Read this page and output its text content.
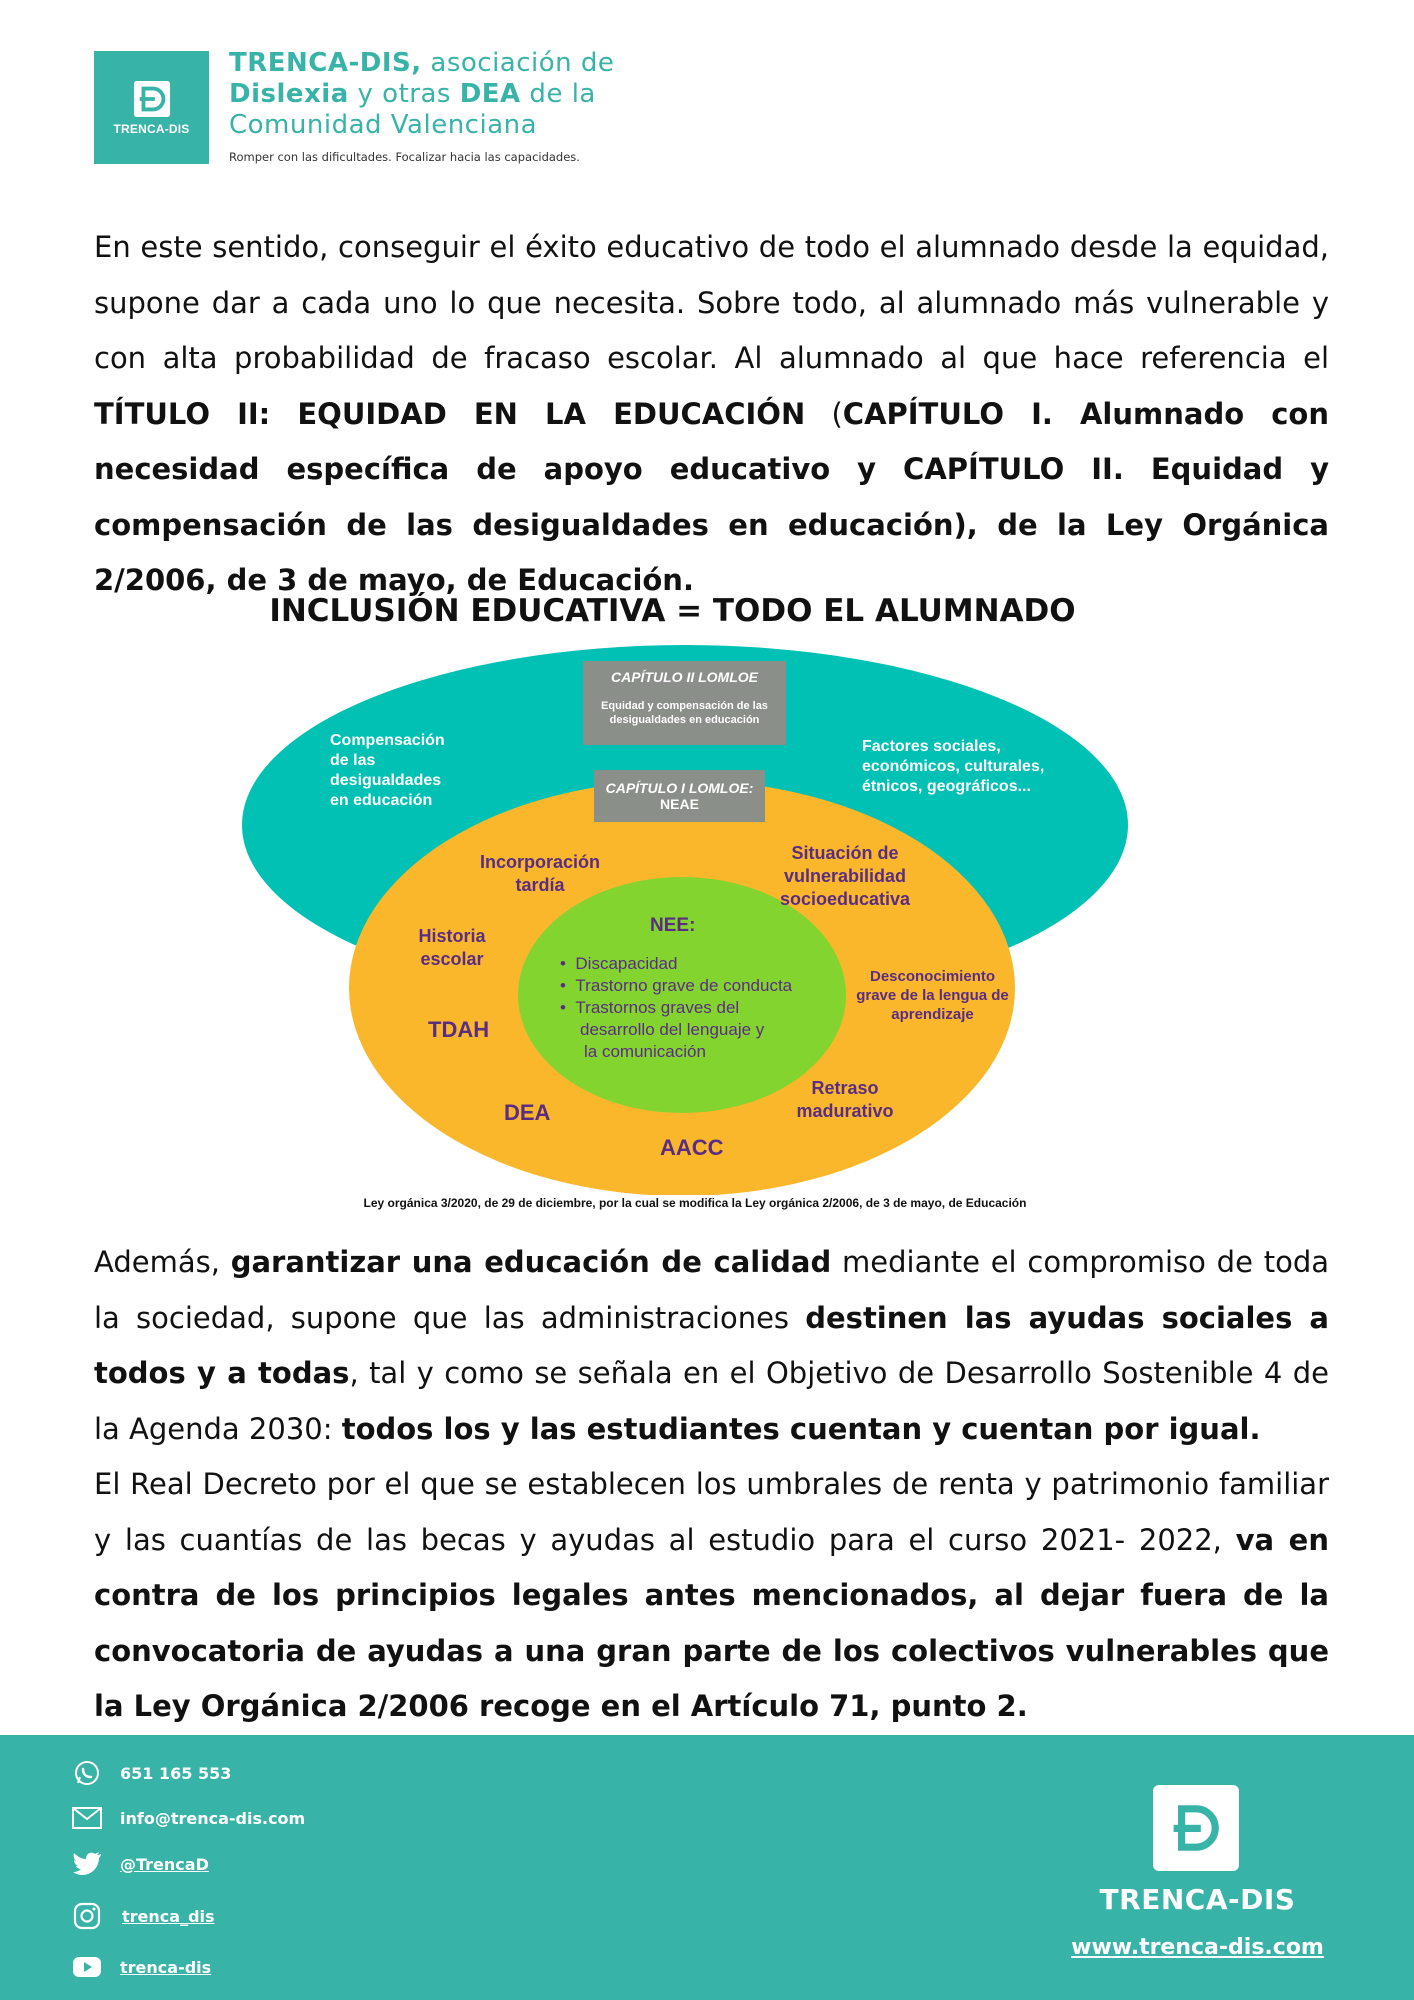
TRENCA-DIS
TRENCA-DIS, asociación de
Dislexia y otras DEA de la
Comunidad Valenciana
Romper con las dificultades. Focalizar hacia las capacidades.
En este sentido, conseguir el éxito educativo de todo el alumnado desde la equidad, supone dar a cada uno lo que necesita. Sobre todo, al alumnado más vulnerable y con alta probabilidad de fracaso escolar. Al alumnado al que hace referencia el TÍTULO II: EQUIDAD EN LA EDUCACIÓN (CAPÍTULO I. Alumnado con necesidad específica de apoyo educativo y CAPÍTULO II. Equidad y compensación de las desigualdades en educación), de la Ley Orgánica 2/2006, de 3 de mayo, de Educación.
INCLUSIÓN EDUCATIVA = TODO EL ALUMNADO
CAPÍTULO II LOMLOE
Equidad y compensación de las desigualdades en educación
CAPÍTULO I LOMLOE:
NEAE
Compensación de las desigualdades en educación
Factores sociales, económicos, culturales, étnicos, geográficos...
Incorporación tardía
Situación de vulnerabilidad socioeducativa
Historia escolar
Desconocimiento grave de la lengua de aprendizaje
TDAH
DEA
AACC
Retraso madurativo
NEE:
•  Discapacidad
•  Trastorno grave de conducta
•  Trastornos graves del
desarrollo del lenguaje y
la comunicación
Ley orgánica 3/2020, de 29 de diciembre, por la cual se modifica la Ley orgánica 2/2006, de 3 de mayo, de Educación
Además, garantizar una educación de calidad mediante el compromiso de toda la sociedad, supone que las administraciones destinen las ayudas sociales a todos y a todas, tal y como se señala en el Objetivo de Desarrollo Sostenible 4 de la Agenda 2030: todos los y las estudiantes cuentan y cuentan por igual.
El Real Decreto por el que se establecen los umbrales de renta y patrimonio familiar y las cuantías de las becas y ayudas al estudio para el curso 2021- 2022, va en contra de los principios legales antes mencionados, al dejar fuera de la convocatoria de ayudas a una gran parte de los colectivos vulnerables que la Ley Orgánica 2/2006 recoge en el Artículo 71, punto 2.
651 165 553
info@trenca-dis.com
@TrencaD
trenca_dis
trenca-dis
TRENCA-DIS
www.trenca-dis.com
